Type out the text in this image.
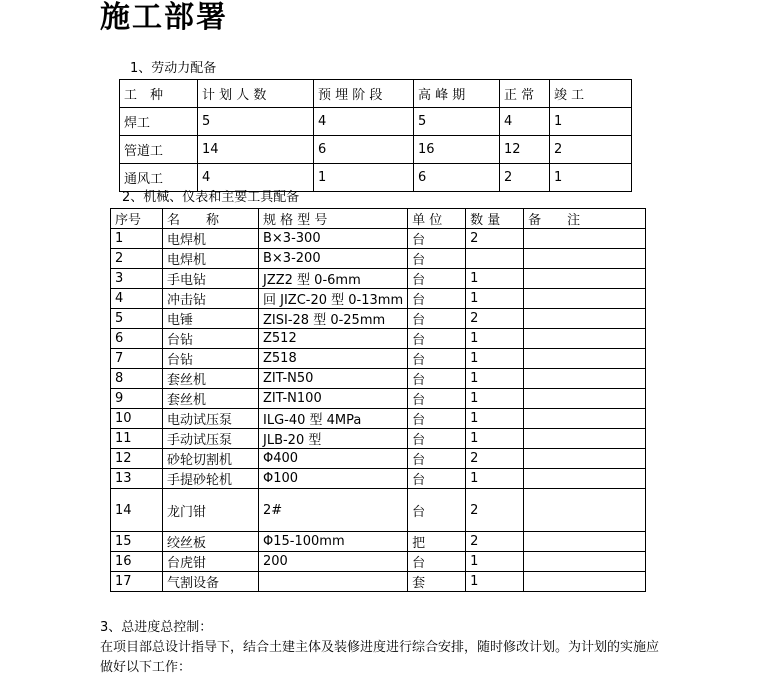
施工部署
1、劳动力配备
工　种	计 划 人 数	预 埋 阶 段	高 峰 期	正 常	竣 工
焊工	5	4	5	4	1
管道工	14	6	16	12	2
通风工	4	1	6	2	1
2、机械、仪表和主要工具配备
序号	名　　称	规 格 型 号	单 位	数 量	备　　注
1	电焊机	B×3-300	台	2	
2	电焊机	B×3-200	台		
3	手电钻	JZZ2 型 0-6mm	台	1	
4	冲击钻	回 JIZC-20 型 0-13mm	台	1	
5	电锤	ZISI-28 型 0-25mm	台	2	
6	台钻	Z512	台	1	
7	台钻	Z518	台	1	
8	套丝机	ZIT-N50	台	1	
9	套丝机	ZIT-N100	台	1	
10	电动试压泵	ILG-40 型 4MPa	台	1	
11	手动试压泵	JLB-20 型	台	1	
12	砂轮切割机	Φ400	台	2	
13	手提砂轮机	Φ100	台	1	
14	龙门钳	2#	台	2	
15	绞丝板	Φ15-100mm	把	2	
16	台虎钳	200	台	1	
17	气割设备		套	1	
3、总进度总控制：
在项目部总设计指导下，结合土建主体及装修进度进行综合安排，随时修改计划。为计划的实施应做好以下工作：
